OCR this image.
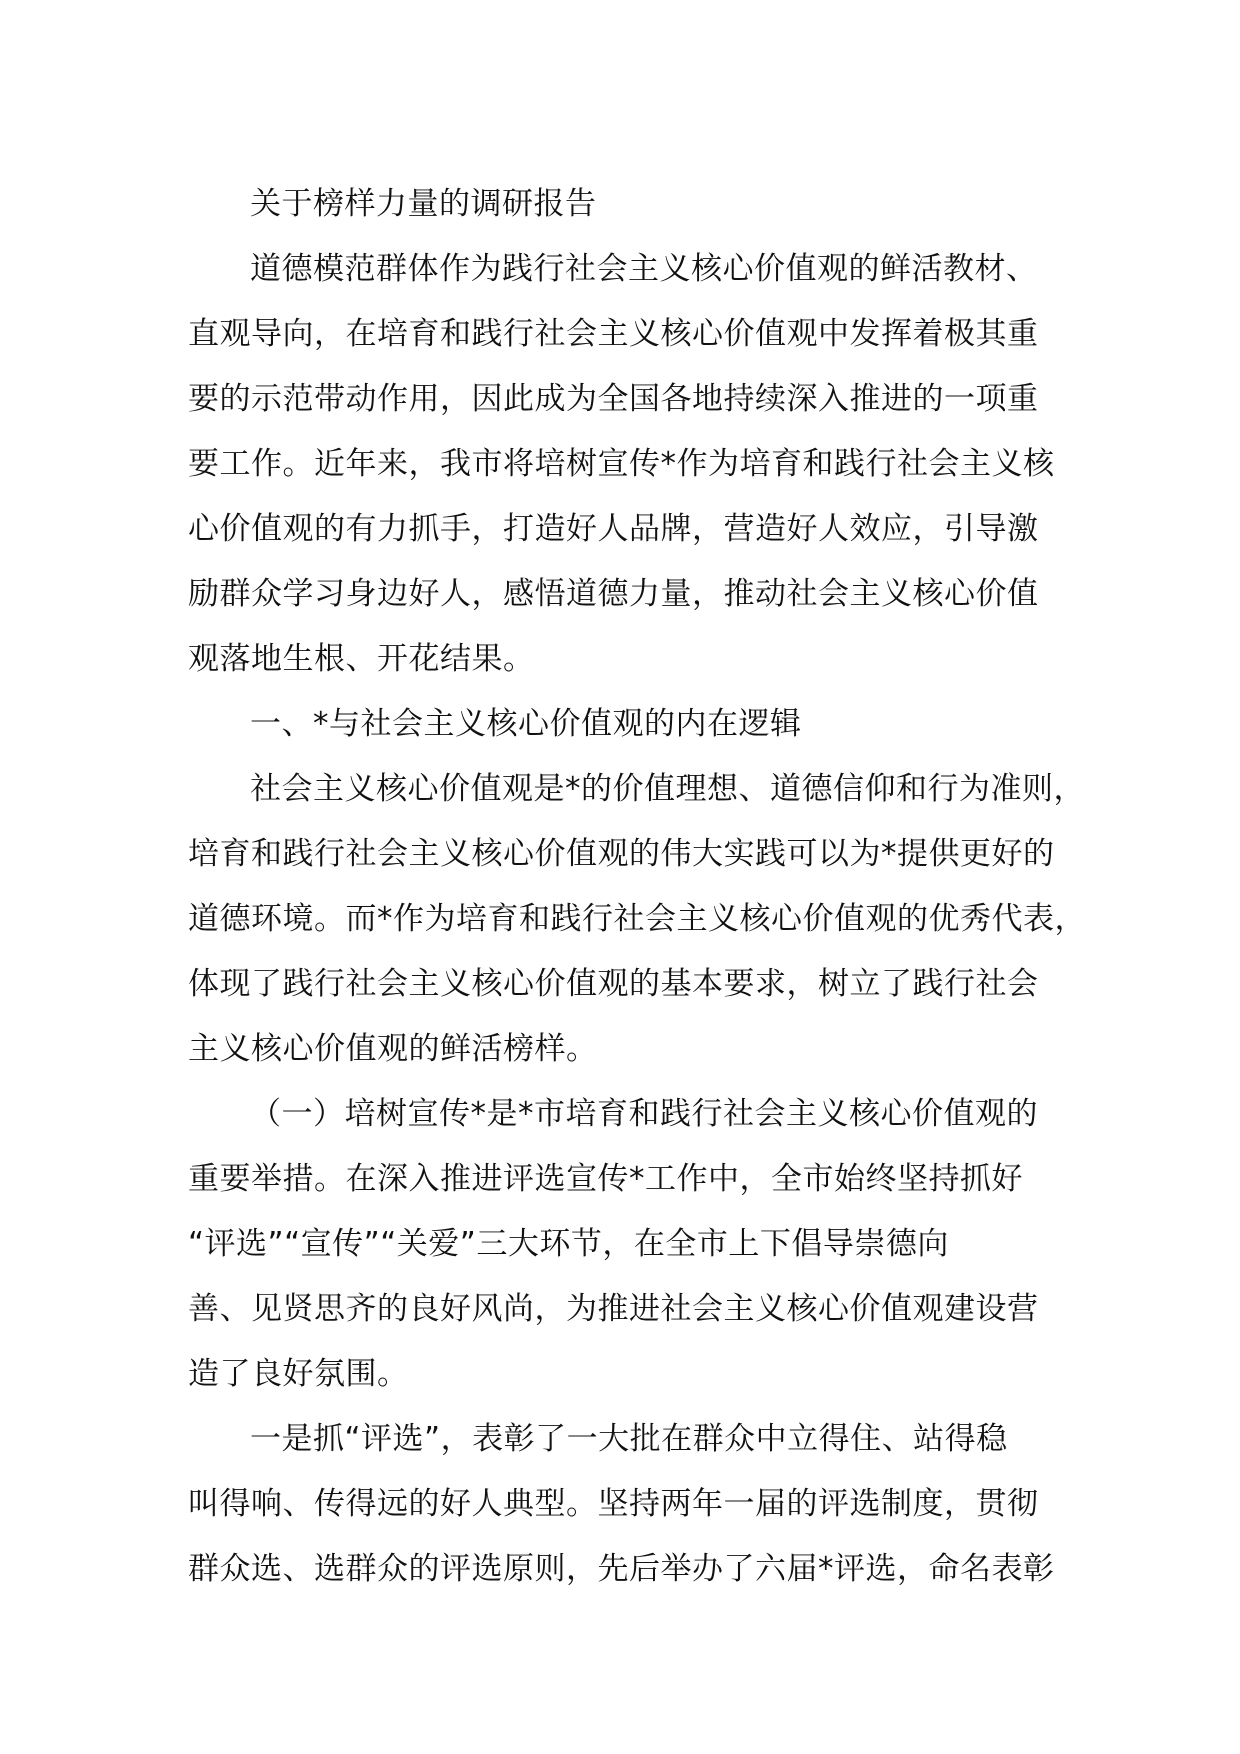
关于榜样力量的调研报告
道德模范群体作为践行社会主义核心价值观的鲜活教材、
直观导向，在培育和践行社会主义核心价值观中发挥着极其重
要的示范带动作用，因此成为全国各地持续深入推进的一项重
要工作。近年来，我市将培树宣传*作为培育和践行社会主义核
心价值观的有力抓手，打造好人品牌，营造好人效应，引导激
励群众学习身边好人，感悟道德力量，推动社会主义核心价值
观落地生根、开花结果。
一、*与社会主义核心价值观的内在逻辑
社会主义核心价值观是*的价值理想、道德信仰和行为准则，
培育和践行社会主义核心价值观的伟大实践可以为*提供更好的
道德环境。而*作为培育和践行社会主义核心价值观的优秀代表，
体现了践行社会主义核心价值观的基本要求，树立了践行社会
主义核心价值观的鲜活榜样。
（一）培树宣传*是*市培育和践行社会主义核心价值观的
重要举措。在深入推进评选宣传*工作中，全市始终坚持抓好
“评选”“宣传”“关爱”三大环节，在全市上下倡导崇德向
善、见贤思齐的良好风尚，为推进社会主义核心价值观建设营
造了良好氛围。
一是抓“评选”，表彰了一大批在群众中立得住、站得稳
叫得响、传得远的好人典型。坚持两年一届的评选制度，贯彻
群众选、选群众的评选原则，先后举办了六届*评选，命名表彰
